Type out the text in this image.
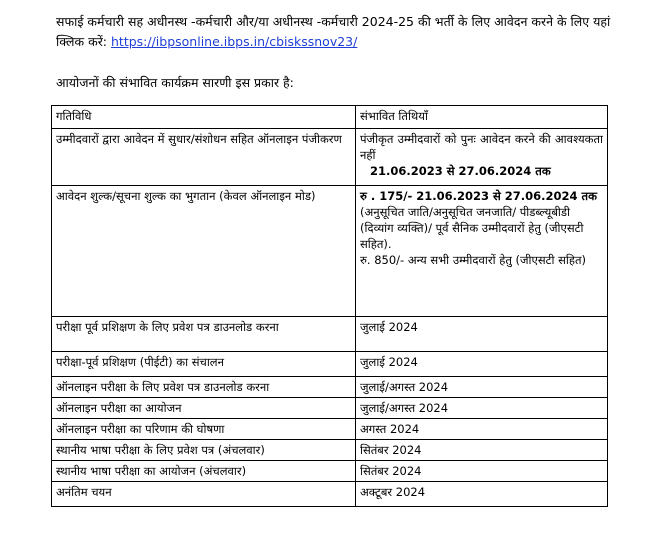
सफाई कर्मचारी सह अधीनस्थ -कर्मचारी और/या अधीनस्थ -कर्मचारी 2024-25 की भर्ती के लिए आवेदन करने के लिए यहां क्लिक करें: https://ibpsonline.ibps.in/cbiskssnov23/
आयोजनों की संभावित कार्यक्रम सारणी इस प्रकार है:
गतिविधि	संभावित तिथियाँ
उम्मीदवारों द्वारा आवेदन में सुधार/संशोधन सहित ऑनलाइन पंजीकरण	पंजीकृत उम्मीदवारों को पुनः आवेदन करने की आवश्यकता नहीं
21.06.2023 से 27.06.2024 तक

आवेदन शुल्क/सूचना शुल्क का भुगतान (केवल ऑनलाइन मोड)	रु . 175/- 21.06.2023 से 27.06.2024 तक
(अनुसूचित जाति/अनुसूचित जनजाति/ पीडब्ल्यूबीडी (दिव्यांग व्यक्ति)/ पूर्व सैनिक उम्मीदवारों हेतु (जीएसटी सहित).
रु. 850/- अन्य सभी उम्मीदवारों हेतु (जीएसटी सहित)

परीक्षा पूर्व प्रशिक्षण के लिए प्रवेश पत्र डाउनलोड करना	जुलाई 2024
परीक्षा-पूर्व प्रशिक्षण (पीईटी) का संचालन	जुलाई 2024
ऑनलाइन परीक्षा के लिए प्रवेश पत्र डाउनलोड करना	जुलाई/अगस्त 2024
ऑनलाइन परीक्षा का आयोजन	जुलाई/अगस्त 2024
ऑनलाइन परीक्षा का परिणाम की घोषणा	अगस्त 2024
स्थानीय भाषा परीक्षा के लिए प्रवेश पत्र (अंचलवार)	सितंबर 2024
स्थानीय भाषा परीक्षा का आयोजन (अंचलवार)	सितंबर 2024
अनंतिम चयन	अक्टूबर 2024
